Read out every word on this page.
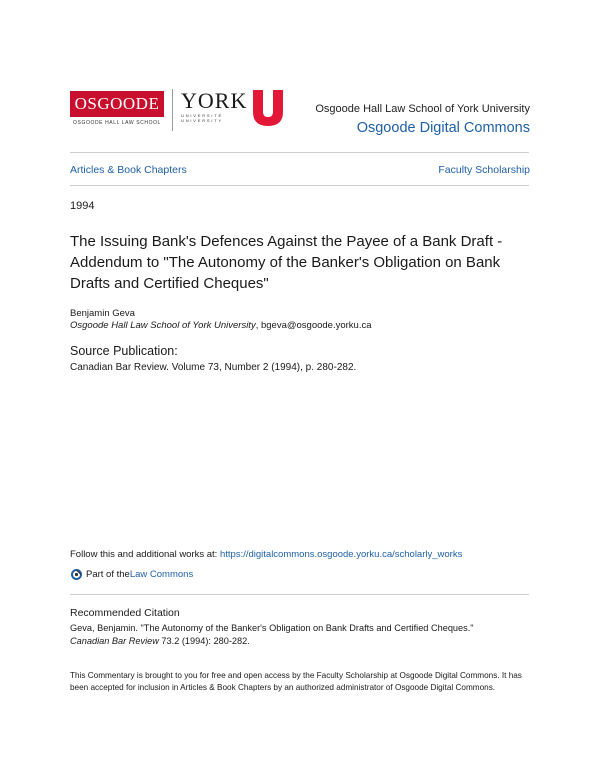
OSGOODE
OSGOODE HALL LAW SCHOOL
YORK
UNIVERSITÉ UNIVERSITY
Osgoode Hall Law School of York University
Osgoode Digital Commons
Articles & Book Chapters	Faculty Scholarship
1994
The Issuing Bank's Defences Against the Payee of a Bank Draft - Addendum to "The Autonomy of the Banker's Obligation on Bank Drafts and Certified Cheques"
Benjamin Geva
Osgoode Hall Law School of York University, bgeva@osgoode.yorku.ca
Source Publication:
Canadian Bar Review. Volume 73, Number 2 (1994), p. 280-282.
Follow this and additional works at: https://digitalcommons.osgoode.yorku.ca/scholarly_works
Part of the Law Commons
Recommended Citation
Geva, Benjamin. "The Autonomy of the Banker's Obligation on Bank Drafts and Certified Cheques."
Canadian Bar Review 73.2 (1994): 280-282.
This Commentary is brought to you for free and open access by the Faculty Scholarship at Osgoode Digital Commons. It has been accepted for inclusion in Articles & Book Chapters by an authorized administrator of Osgoode Digital Commons.
